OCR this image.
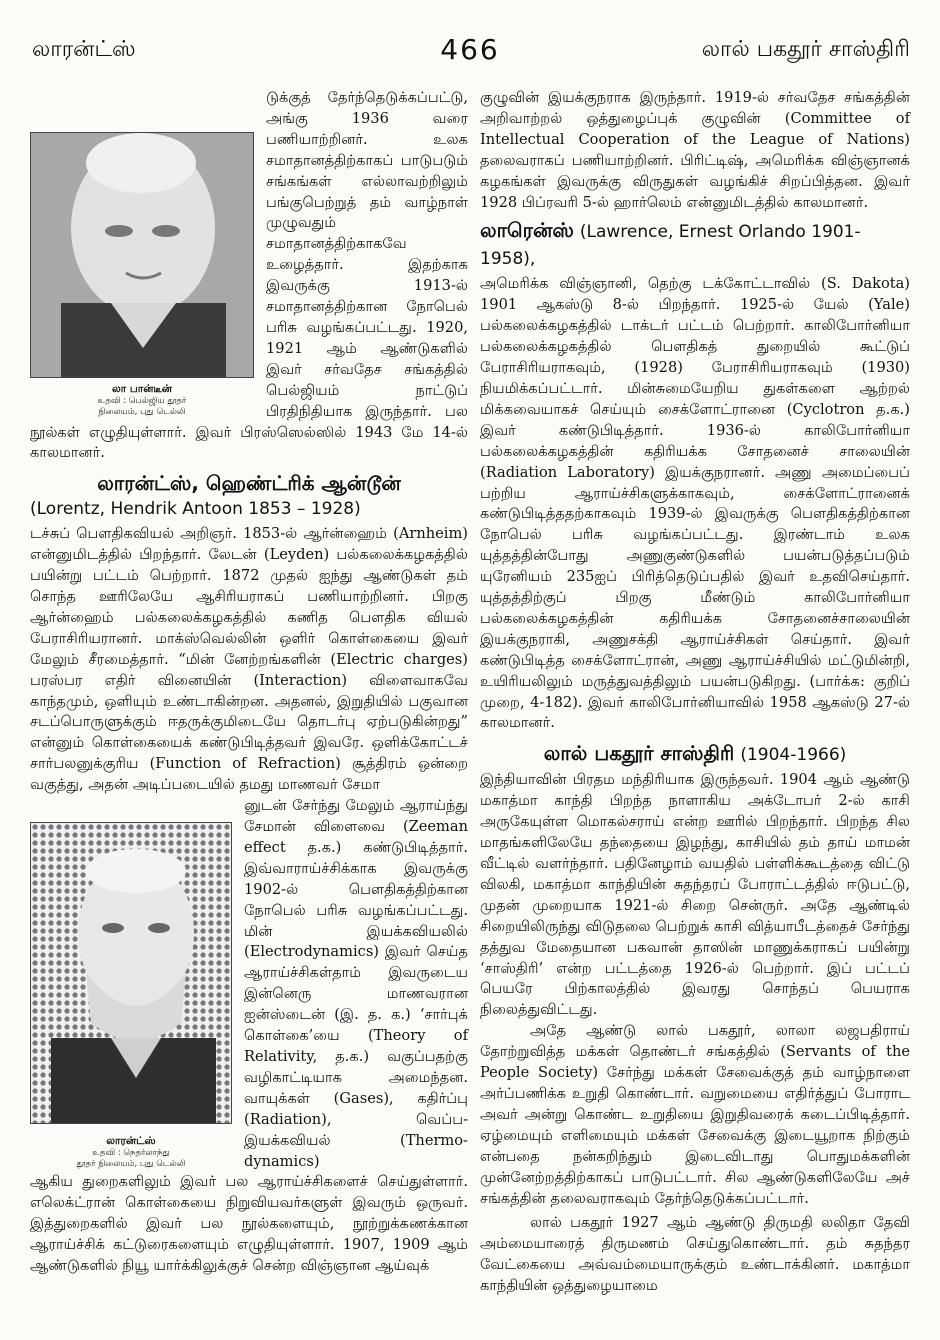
லாரன்ட்ஸ்	466	லால் பகதூர் சாஸ்திரி
லா பான்டீன்
உதவி : பெல்ஜிய தூதர்
நிலையம், புது டெல்லி

டுக்குத் தேர்ந்தெடுக்கப்பட்டு, அங்கு 1936 வரை பணியாற்றினர். உலக சமாதானத்திற்காகப் பாடுபடும் சங்கங்கள் எல்லாவற்றிலும் பங்குபெற்றுத் தம் வாழ்நாள் முழுவதும் சமாதானத்திற்காகவே உழைத்தார். இதற்காக இவருக்கு 1913-ல் சமாதானத்திற்கான நோபெல் பரிசு வழங்கப்பட்டது. 1920, 1921 ஆம் ஆண்டுகளில் இவர் சர்வதேச சங்கத்தில் பெல்ஜியம் நாட்டுப் பிரதிநிதியாக இருந்தார். பல நூல்கள் எழுதியுள்ளார். இவர் பிரஸ்ஸெல்ஸில் 1943 மே 14-ல் காலமானர்.

லாரன்ட்ஸ், ஹெண்ட்ரிக் ஆன்டூன்
(Lorentz, Hendrik Antoon 1853 – 1928)

டச்சுப் பௌதிகவியல் அறிஞர். 1853-ல் ஆர்ன்ஹைம் (Arnheim) என்னுமிடத்தில் பிறந்தார். லேடன் (Leyden) பல்கலைக்கழகத்தில் பயின்று பட்டம் பெற்றார். 1872 முதல் ஐந்து ஆண்டுகள் தம் சொந்த ஊரிலேயே ஆசிரியராகப் பணியாற்றினர். பிறகு ஆர்ன்ஹைம் பல்கலைக்கழகத்தில் கணித பௌதிக வியல் பேராசிரியரானர். மாக்ஸ்வெல்லின் ஒளிர் கொள்கையை இவர் மேலும் சீரமைத்தார். “மின் னேற்றங்களின் (Electric charges) பரஸ்பர எதிர் வினையின் (Interaction) விளைவாகவே காந்தமும், ஒளியும் உண்டாகின்றன. அதனல், இறுதியில் பகுவான சடப்பொருளுக்கும் ஈதருக்குமிடையே தொடர்பு ஏற்படுகின்றது” என்னும் கொள்கையைக் கண்டுபிடித்தவர் இவரே. ஒளிக்கோட்டச் சார்பலனுக்குரிய (Function of Refraction) சூத்திரம் ஒன்றை வகுத்து, அதன் அடிப்படையில் தமது மாணவர் சேமா

லாரன்ட்ஸ்
உதவி : நெதர்லாந்து
தூதர் நிலையம், புது டெல்லி

னுடன் சேர்ந்து மேலும் ஆராய்ந்து சேமான் விளைவை (Zeeman effect த.க.) கண்டுபிடித்தார். இவ்வாராய்ச்சிக்காக இவருக்கு 1902-ல் பௌதிகத்திற்கான நோபெல் பரிசு வழங்கப்பட்டது. மின் இயக்கவியலில் (Electrodynamics) இவர் செய்த ஆராய்ச்சிகள்தாம் இவருடைய இன்னெரு மாணவரான ஐன்ஸ்டைன் (இ. த. க.) ‘சார்புக் கொள்கை’யை (Theory of Relativity, த.க.) வகுப்பதற்கு வழிகாட்டியாக அமைந்தன. வாயுக்கள் (Gases), கதிர்ப்பு (Radiation), வெப்ப-இயக்கவியல் (Thermo-dynamics)

ஆகிய துறைகளிலும் இவர் பல ஆராய்ச்சிகளைச் செய்துள்ளார். எலெக்ட்ரான் கொள்கையை நிறுவியவர்களுள் இவரும் ஒருவர். இத்துறைகளில் இவர் பல நூல்களையும், நூற்றுக்கணக்கான ஆராய்ச்சிக் கட்டுரைகளையும் எழுதியுள்ளார். 1907, 1909 ஆம் ஆண்டுகளில் நியூ யார்க்கிலுக்குச் சென்ற விஞ்ஞான ஆய்வுக்

குழுவின் இயக்குநராக இருந்தார். 1919-ல் சர்வதேச சங்கத்தின் அறிவாற்றல் ஒத்துழைப்புக் குழுவின் (Committee of Intellectual Cooperation of the League of Nations) தலைவராகப் பணியாற்றினர். பிரிட்டிஷ், அமெரிக்க விஞ்ஞானக் கழகங்கள் இவருக்கு விருதுகள் வழங்கிச் சிறப்பித்தன. இவர் 1928 பிப்ரவரி 5-ல் ஹார்லெம் என்னுமிடத்தில் காலமானர்.

லாரென்ஸ் (Lawrence, Ernest Orlando 1901-1958),

அமெரிக்க விஞ்ஞானி, தெற்கு டக்கோட்டாவில் (S. Dakota) 1901 ஆகஸ்டு 8-ல் பிறந்தார். 1925-ல் யேல் (Yale) பல்கலைக்கழகத்தில் டாக்டர் பட்டம் பெற்றார். காலிபோர்னியா பல்கலைக்கழகத்தில் பௌதிகத் துறையில் கூட்டுப் பேராசிரியராகவும், (1928) பேராசிரியராகவும் (1930) நியமிக்கப்பட்டார். மின்சுமையேறிய துகள்களை ஆற்றல் மிக்கவையாகச் செய்யும் சைக்ளோட்ரானை (Cyclotron த.க.) இவர் கண்டுபிடித்தார். 1936-ல் காலிபோர்னியா பல்கலைக்கழகத்தின் கதிரியக்க சோதனைச் சாலையின் (Radiation Laboratory) இயக்குநரானர். அணு அமைப்பைப் பற்றிய ஆராய்ச்சிகளுக்காகவும், சைக்ளோட்ரானைக் கண்டுபிடித்ததற்காகவும் 1939-ல் இவருக்கு பௌதிகத்திற்கான நோபெல் பரிசு வழங்கப்பட்டது. இரண்டாம் உலக யுத்தத்தின்போது அணுகுண்டுகளில் பயன்படுத்தப்படும் யுரேனியம் 235ஐப் பிரித்தெடுப்பதில் இவர் உதவிசெய்தார். யுத்தத்திற்குப் பிறகு மீண்டும் காலிபோர்னியா பல்கலைக்கழகத்தின் கதிரியக்க சோதனைச்சாலையின் இயக்குநராகி, அணுசக்தி ஆராய்ச்சிகள் செய்தார். இவர் கண்டுபிடித்த சைக்ளோட்ரான், அணு ஆராய்ச்சியில் மட்டுமின்றி, உயிரியலிலும் மருத்துவத்திலும் பயன்படுகிறது. (பார்க்க: குறிப் முறை, 4-182). இவர் காலிபோர்னியாவில் 1958 ஆகஸ்டு 27-ல் காலமானர்.

லால் பகதூர் சாஸ்திரி (1904-1966)

இந்தியாவின் பிரதம மந்திரியாக இருந்தவர். 1904 ஆம் ஆண்டு மகாத்மா காந்தி பிறந்த நாளாகிய அக்டோபர் 2-ல் காசி அருகேயுள்ள மொகல்சராய் என்ற ஊரில் பிறந்தார். பிறந்த சில மாதங்களிலேயே தந்தையை இழந்து, காசியில் தம் தாய் மாமன் வீட்டில் வளர்ந்தார். பதினேழாம் வயதில் பள்ளிக்கூடத்தை விட்டு விலகி, மகாத்மா காந்தியின் சுதந்தரப் போராட்டத்தில் ஈடுபட்டு, முதன் முறையாக 1921-ல் சிறை சென்ருர். அதே ஆண்டில் சிறையிலிருந்து விடுதலை பெற்றுக் காசி வித்யாபீடத்தைச் சேர்ந்து தத்துவ மேதையான பகவான் தாஸின் மாணுக்கராகப் பயின்று ‘சாஸ்திரி’ என்ற பட்டத்தை 1926-ல் பெற்றார். இப் பட்டப் பெயரே பிற்காலத்தில் இவரது சொந்தப் பெயராக நிலைத்துவிட்டது.

அதே ஆண்டு லால் பகதூர், லாலா லஜபதிராய் தோற்றுவித்த மக்கள் தொண்டர் சங்கத்தில் (Servants of the People Society) சேர்ந்து மக்கள் சேவைக்குத் தம் வாழ்நாளை அர்ப்பணிக்க உறுதி கொண்டார். வறுமையை எதிர்த்துப் போராட அவர் அன்று கொண்ட உறுதியை இறுதிவரைக் கடைப்பிடித்தார். ஏழ்மையும் எளிமையும் மக்கள் சேவைக்கு இடையூறாக நிற்கும் என்பதை நன்கறிந்தும் இடைவிடாது பொதுமக்களின் முன்னேற்றத்திற்காகப் பாடுபட்டார். சில ஆண்டுகளிலேயே அச் சங்கத்தின் தலைவராகவும் தேர்ந்தெடுக்கப்பட்டார்.

லால் பகதூர் 1927 ஆம் ஆண்டு திருமதி லலிதா தேவி அம்மையாரைத் திருமணம் செய்துகொண்டார். தம் சுதந்தர வேட்கையை அவ்வம்மையாருக்கும் உண்டாக்கினர். மகாத்மா காந்தியின் ஒத்துழையாமை
